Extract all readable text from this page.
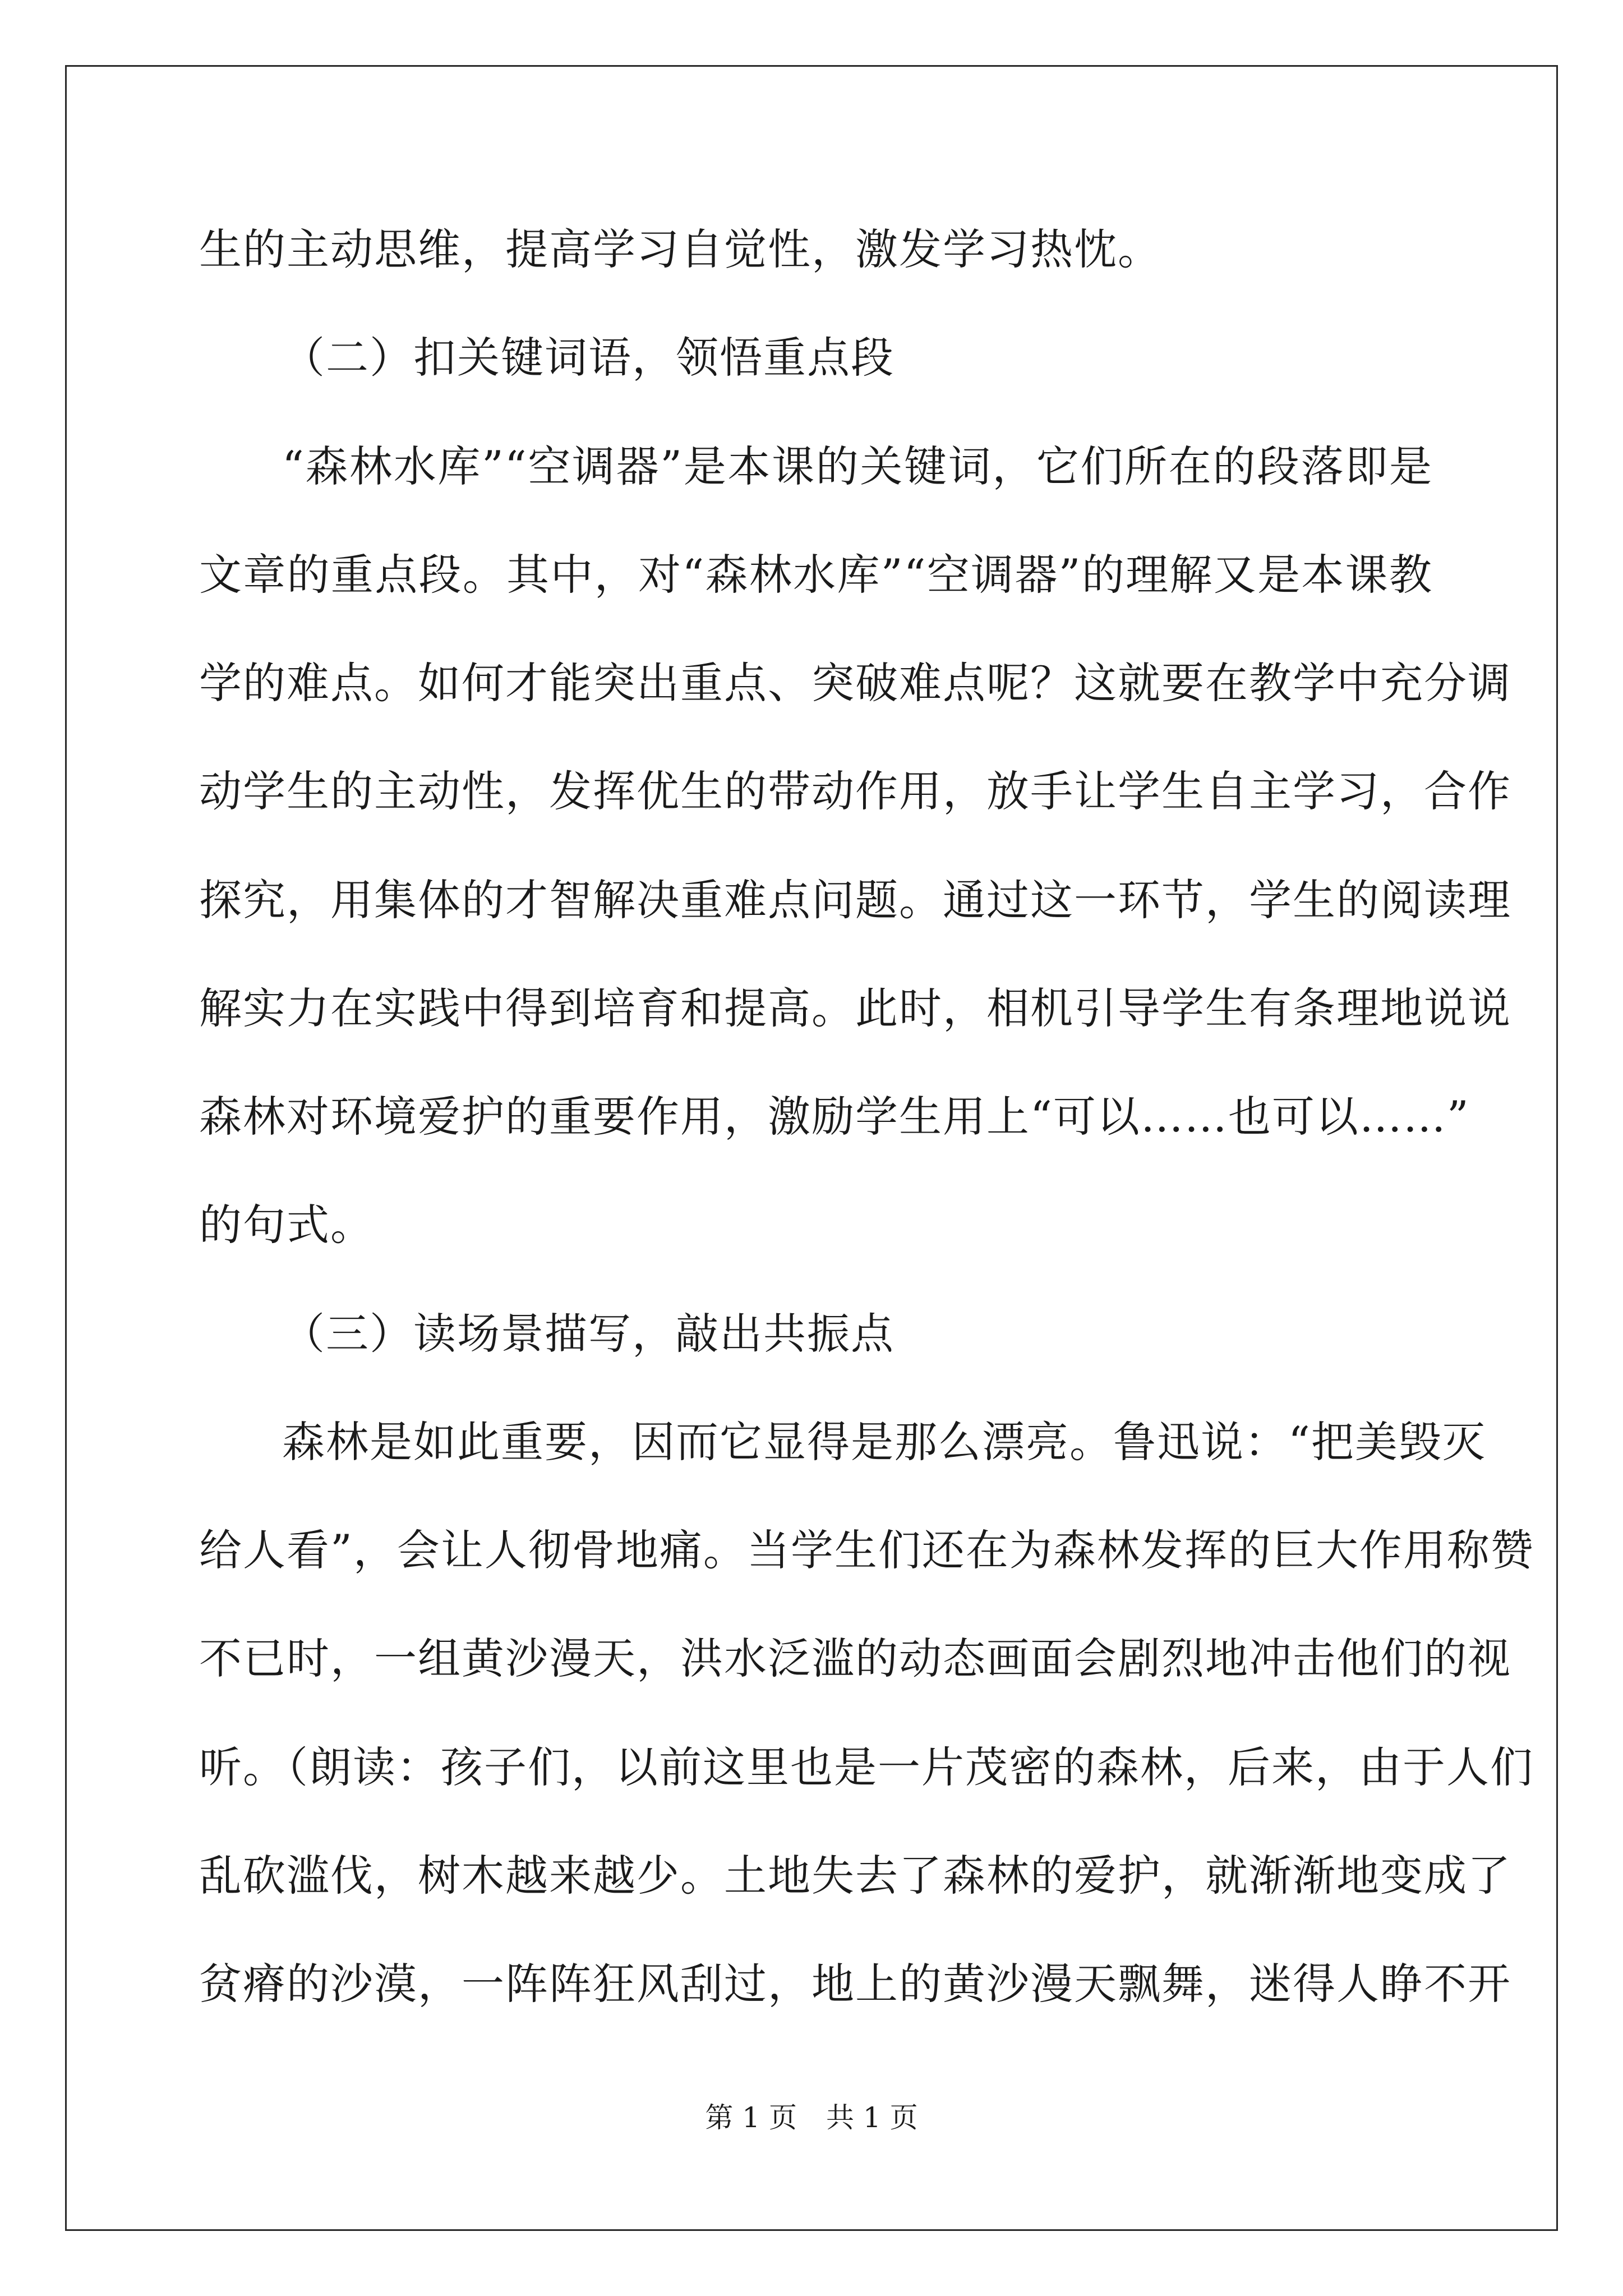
生的主动思维，提高学习自觉性，激发学习热忱。
（二）扣关键词语，领悟重点段
“森林水库”“空调器”是本课的关键词，它们所在的段落即是
文章的重点段。其中，对“森林水库”“空调器”的理解又是本课教
学的难点。如何才能突出重点、突破难点呢？这就要在教学中充分调
动学生的主动性，发挥优生的带动作用，放手让学生自主学习，合作
探究，用集体的才智解决重难点问题。通过这一环节，学生的阅读理
解实力在实践中得到培育和提高。此时，相机引导学生有条理地说说
森林对环境爱护的重要作用，激励学生用上“可以……也可以……”
的句式。
（三）读场景描写，敲出共振点
森林是如此重要，因而它显得是那么漂亮。鲁迅说：“把美毁灭
给人看”，会让人彻骨地痛。当学生们还在为森林发挥的巨大作用称赞
不已时，一组黄沙漫天，洪水泛滥的动态画面会剧烈地冲击他们的视
听。（朗读：孩子们，以前这里也是一片茂密的森林，后来，由于人们
乱砍滥伐，树木越来越少。土地失去了森林的爱护，就渐渐地变成了
贫瘠的沙漠，一阵阵狂风刮过，地上的黄沙漫天飘舞，迷得人睁不开
第 1 页 共 1 页
